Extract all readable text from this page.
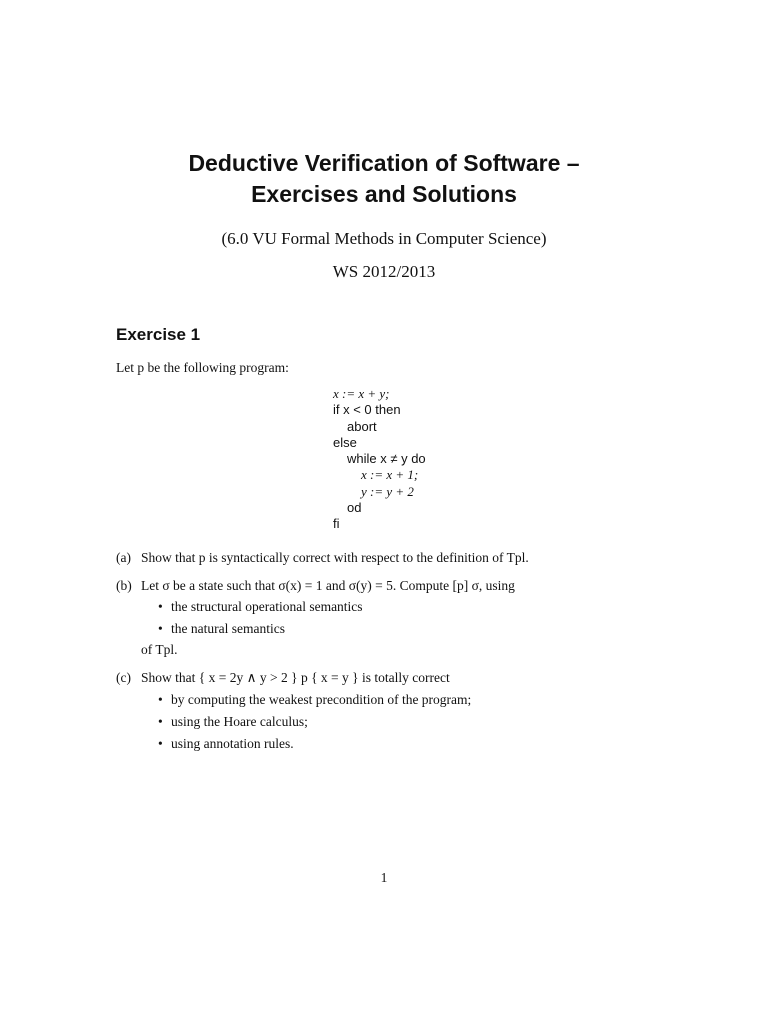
Deductive Verification of Software –
Exercises and Solutions
(6.0 VU Formal Methods in Computer Science)
WS 2012/2013
Exercise 1
Let p be the following program:
x := x + y;
if x < 0 then
abort
else
while x ≠ y do
x := x + 1;
y := y + 2
od
fi
(a) Show that p is syntactically correct with respect to the definition of Tpl.
(b) Let σ be a state such that σ(x) = 1 and σ(y) = 5. Compute [p] σ, using
• the structural operational semantics
• the natural semantics
of Tpl.
(c) Show that { x = 2y ∧ y > 2 } p { x = y } is totally correct
• by computing the weakest precondition of the program;
• using the Hoare calculus;
• using annotation rules.
1
